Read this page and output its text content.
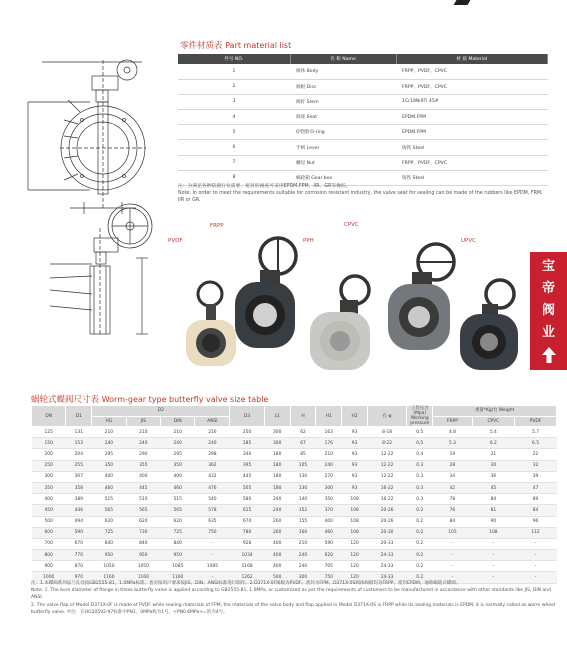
零件材质表 Part material list
件号 NO.	名 称 Name	材 质 Material
1	阀体 Body	FRPP、PVDF、CPVC
2	阀板 Disc	FRPP、PVDF、CPVC
3	阀杆 Stem	1Cr18Ni9Ti 45#
4	阀座 Seat	EPDM.FPM
5	O型圈 O-ring	EPDM.FPM
6	手柄 Lever	铸铁 Steel
7	螺母 Nut	FRPP、PVDF、CPVC
8	蜗轮箱 Gear box	铸铁 Steel
注：为满足各种防腐行业需要，密封的阀座可采用EPDM.FPM、IIR、GR等橡胶。
Note: In order to meet the requirements suitable for corrosion resistant industry, the valve seat for sealing can be made of the rubbers like EPDM, FRM, IIR or GR.
PVDF
FRPP
PPH
CPVC
UPVC
宝
帝
阀
业
蜗轮式蝶阀尺寸表 Worm-gear type butterfly valve size table
DN	D1	D2				D3	L1	H	H1	H2	孔-φ	工作压力 (Mpa) Working pressure	重量*Kg/台 Weight		
		HG	JIS	DIN	ANSI								FRPP	CPVC	PVDF
125	131	210	210	210	216	250	300	62	163	93	8-18	0.5	4.8	5.4	5.7
150	153	240	240	240	240	285	300	67	176	93	8-22	0.5	5.3	6.2	6.5
200	204	295	290	295	298	340	180	85	210	93	12-22	0.4	19	21	22
250	255	350	355	350	362	395	180	105	240	93	12-22	0.3	28	30	32
300	307	400	400	400	432	445	180	130	270	93	12-22	0.3	34	36	39
350	358	460	445	460	476	505	180	130	300	93	16-22	0.3	42	45	47
400	389	515	510	515	540	580	240	140	350	108	16-22	0.3	78	84	89
450	446	565	565	565	578	615	240	152	370	108	20-26	0.2	76	81	84
500	494	620	620	620	635	670	260	155	400	108	20-26	0.2	84	90	96
600	590	725	730	725	750	780	260	160	460	108	20-30	0.2	105	108	112
700	670	840	840	840	-	928	400	210	590	120	20-33	0.2	-	-	-
800	770	950	950	950	-	1034	400	240	620	120	24-33	0.2	-	-	-
900	870	1050	1050	1085	1085	1168	400	240	705	120	24-33	0.2	-	-	-
1000	970	1160	1160	1160	-	1262	500	300	750	120	24-33	0.2	-	-	-
注：1.本蝶阀系列法兰孔径按GB2555-81，1.0MPa标准，也可按用户要求按JIS、DIN、ANSI标准进行制作。2.D371X-0F阀板为PVDF、密封为FPM，D371X-0S阀体阀板均为FRPP、密封EPDM，通称蜗轮式蝶阀。
Note: 1. The bore diameter of flange in these butterfly valve is applied according to GB2555-81, 1.0MPa, or customized as per the requirements of customers to be manufactured in accordance with other standards like JIS, DIN and ANSI.
2. The valve flap of Model D371X-0F is made of PVDF while sealing materials of FPM, the materials of the valve body and flap applied in Model D371X-0S is FRPP while its sealing materials is EPDM, it is normally called as worm wheel butterfly valve. 中注：在HG20592-97标准中PN1、0MPa称为1号，<PN0.6MPa>=的为4号。
